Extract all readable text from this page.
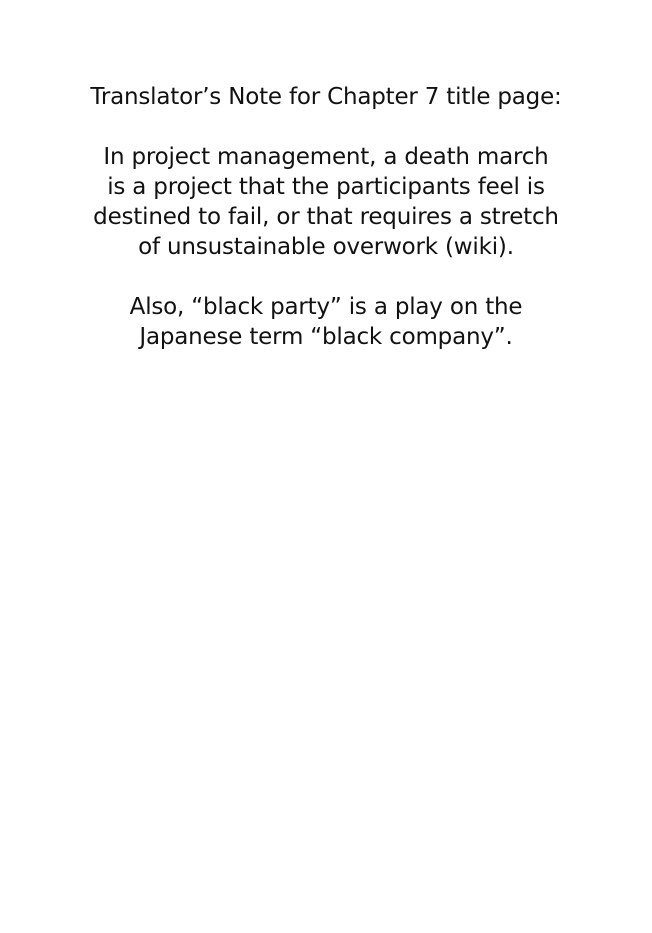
Translator’s Note for Chapter 7 title page:

In project management, a death march
is a project that the participants feel is
destined to fail, or that requires a stretch
of unsustainable overwork (wiki).

Also, “black party” is a play on the
Japanese term “black company”.
